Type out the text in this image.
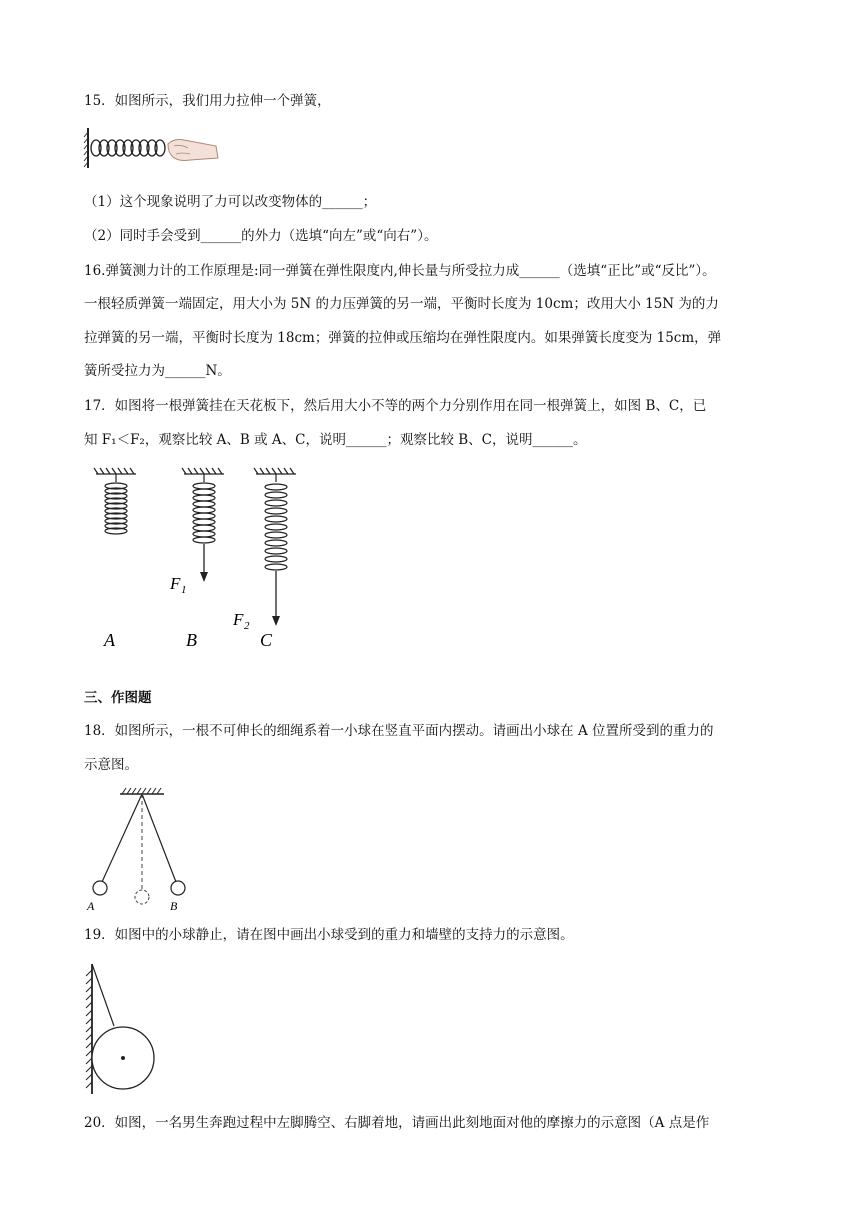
15．如图所示，我们用力拉伸一个弹簧，
（1）这个现象说明了力可以改变物体的______；
（2）同时手会受到______的外力（选填“向左”或“向右”）。
16.弹簧测力计的工作原理是:同一弹簧在弹性限度内,伸长量与所受拉力成______（选填“正比”或“反比”）。
一根轻质弹簧一端固定，用大小为 5N 的力压弹簧的另一端，平衡时长度为 10cm；改用大小 15N 为的力
拉弹簧的另一端，平衡时长度为 18cm；弹簧的拉伸或压缩均在弹性限度内。如果弹簧长度变为 15cm，弹
簧所受拉力为______N。
17．如图将一根弹簧挂在天花板下，然后用大小不等的两个力分别作用在同一根弹簧上，如图 B、C，已
知 F₁＜F₂，观察比较 A、B 或 A、C，说明______；观察比较 B、C，说明______。
F 1
F 2
A	B	C
三、作图题
18．如图所示，一根不可伸长的细绳系着一小球在竖直平面内摆动。请画出小球在 A 位置所受到的重力的
示意图。
A	B
19．如图中的小球静止，请在图中画出小球受到的重力和墙壁的支持力的示意图。
20．如图，一名男生奔跑过程中左脚腾空、右脚着地，请画出此刻地面对他的摩擦力的示意图（A 点是作
